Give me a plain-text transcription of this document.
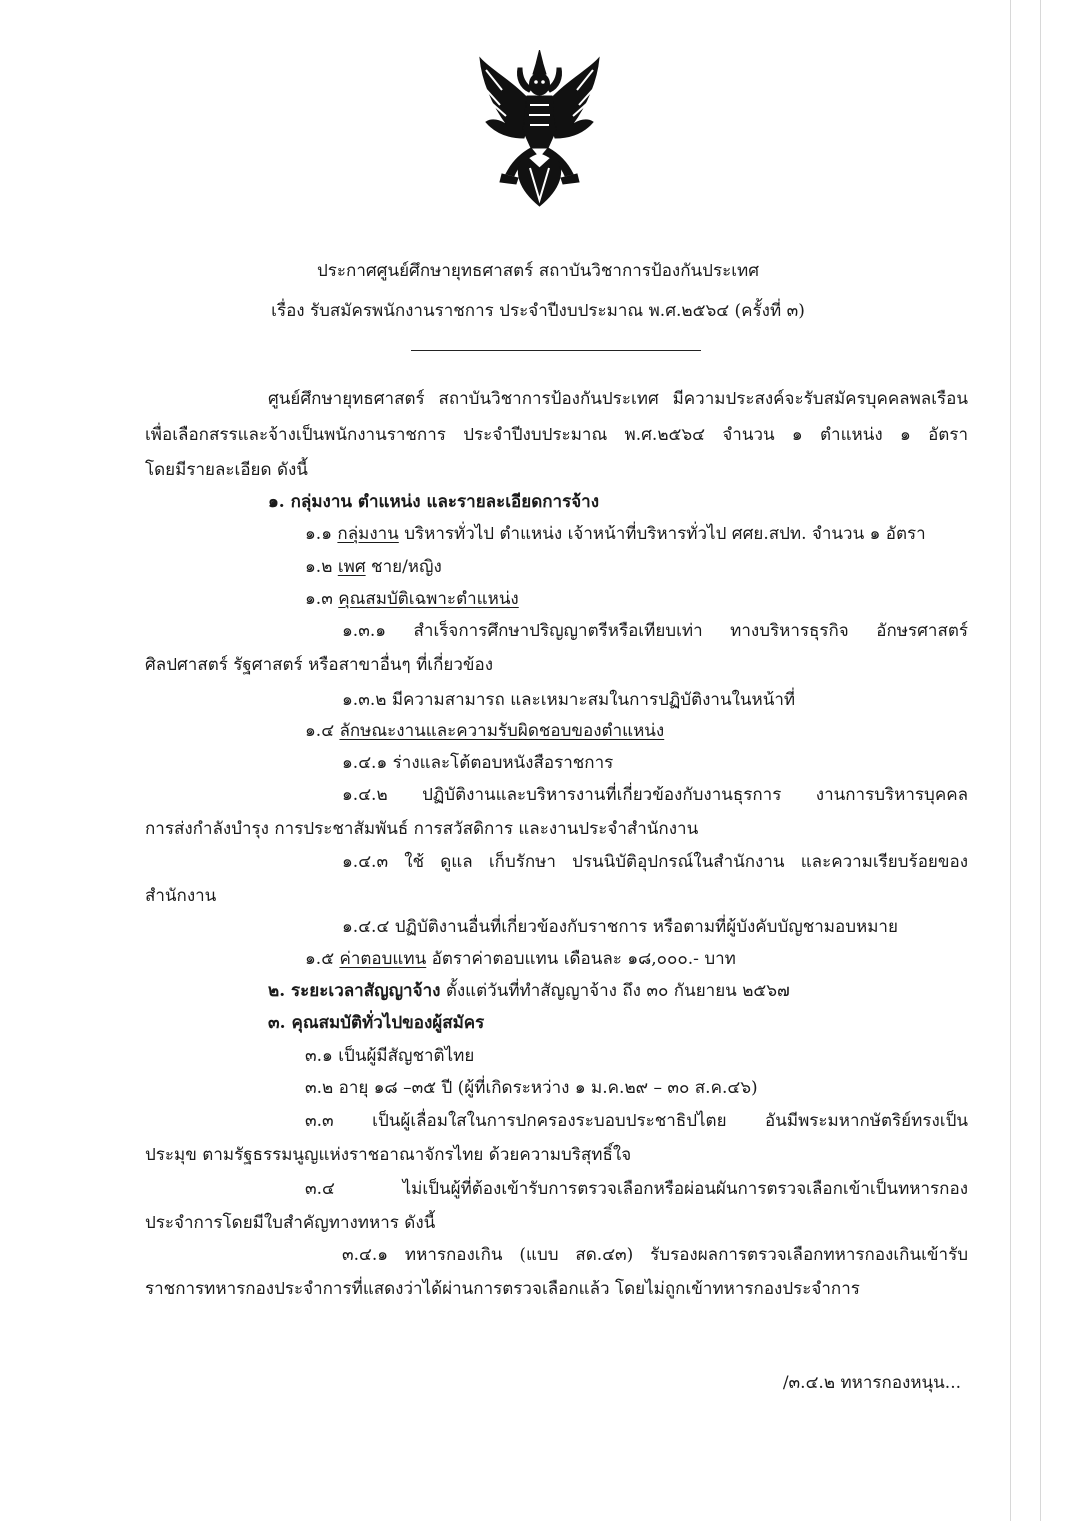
ประกาศศูนย์ศึกษายุทธศาสตร์ สถาบันวิชาการป้องกันประเทศ
เรื่อง รับสมัครพนักงานราชการ ประจำปีงบประมาณ พ.ศ.๒๕๖๔ (ครั้งที่ ๓)
ศูนย์ศึกษายุทธศาสตร์ สถาบันวิชาการป้องกันประเทศ มีความประสงค์จะรับสมัครบุคคลพลเรือน
เพื่อเลือกสรรและจ้างเป็นพนักงานราชการ ประจำปีงบประมาณ พ.ศ.๒๕๖๔ จำนวน ๑ ตำแหน่ง ๑ อัตรา
โดยมีรายละเอียด ดังนี้
๑. กลุ่มงาน ตำแหน่ง และรายละเอียดการจ้าง
๑.๑ กลุ่มงาน บริหารทั่วไป ตำแหน่ง เจ้าหน้าที่บริหารทั่วไป ศศย.สปท. จำนวน ๑ อัตรา
๑.๒ เพศ ชาย/หญิง
๑.๓ คุณสมบัติเฉพาะตำแหน่ง
๑.๓.๑ สำเร็จการศึกษาปริญญาตรีหรือเทียบเท่า ทางบริหารธุรกิจ อักษรศาสตร์
ศิลปศาสตร์ รัฐศาสตร์ หรือสาขาอื่นๆ ที่เกี่ยวข้อง
๑.๓.๒ มีความสามารถ และเหมาะสมในการปฏิบัติงานในหน้าที่
๑.๔ ลักษณะงานและความรับผิดชอบของตำแหน่ง
๑.๔.๑ ร่างและโต้ตอบหนังสือราชการ
๑.๔.๒ ปฏิบัติงานและบริหารงานที่เกี่ยวข้องกับงานธุรการ งานการบริหารบุคคล
การส่งกำลังบำรุง การประชาสัมพันธ์ การสวัสดิการ และงานประจำสำนักงาน
๑.๔.๓ ใช้ ดูแล เก็บรักษา ปรนนิบัติอุปกรณ์ในสำนักงาน และความเรียบร้อยของ
สำนักงาน
๑.๔.๔ ปฏิบัติงานอื่นที่เกี่ยวข้องกับราชการ หรือตามที่ผู้บังคับบัญชามอบหมาย
๑.๕ ค่าตอบแทน อัตราค่าตอบแทน เดือนละ ๑๘,๐๐๐.- บาท
๒. ระยะเวลาสัญญาจ้าง ตั้งแต่วันที่ทำสัญญาจ้าง ถึง ๓๐ กันยายน ๒๕๖๗
๓. คุณสมบัติทั่วไปของผู้สมัคร
๓.๑ เป็นผู้มีสัญชาติไทย
๓.๒ อายุ ๑๘ –๓๕ ปี (ผู้ที่เกิดระหว่าง ๑ ม.ค.๒๙ – ๓๐ ส.ค.๔๖)
๓.๓ เป็นผู้เลื่อมใสในการปกครองระบอบประชาธิปไตย อันมีพระมหากษัตริย์ทรงเป็น
ประมุข ตามรัฐธรรมนูญแห่งราชอาณาจักรไทย ด้วยความบริสุทธิ์ใจ
๓.๔ ไม่เป็นผู้ที่ต้องเข้ารับการตรวจเลือกหรือผ่อนผันการตรวจเลือกเข้าเป็นทหารกอง
ประจำการโดยมีใบสำคัญทางทหาร ดังนี้
๓.๔.๑ ทหารกองเกิน (แบบ สด.๔๓) รับรองผลการตรวจเลือกทหารกองเกินเข้ารับ
ราชการทหารกองประจำการที่แสดงว่าได้ผ่านการตรวจเลือกแล้ว โดยไม่ถูกเข้าทหารกองประจำการ
/๓.๔.๒ ทหารกองหนุน...
